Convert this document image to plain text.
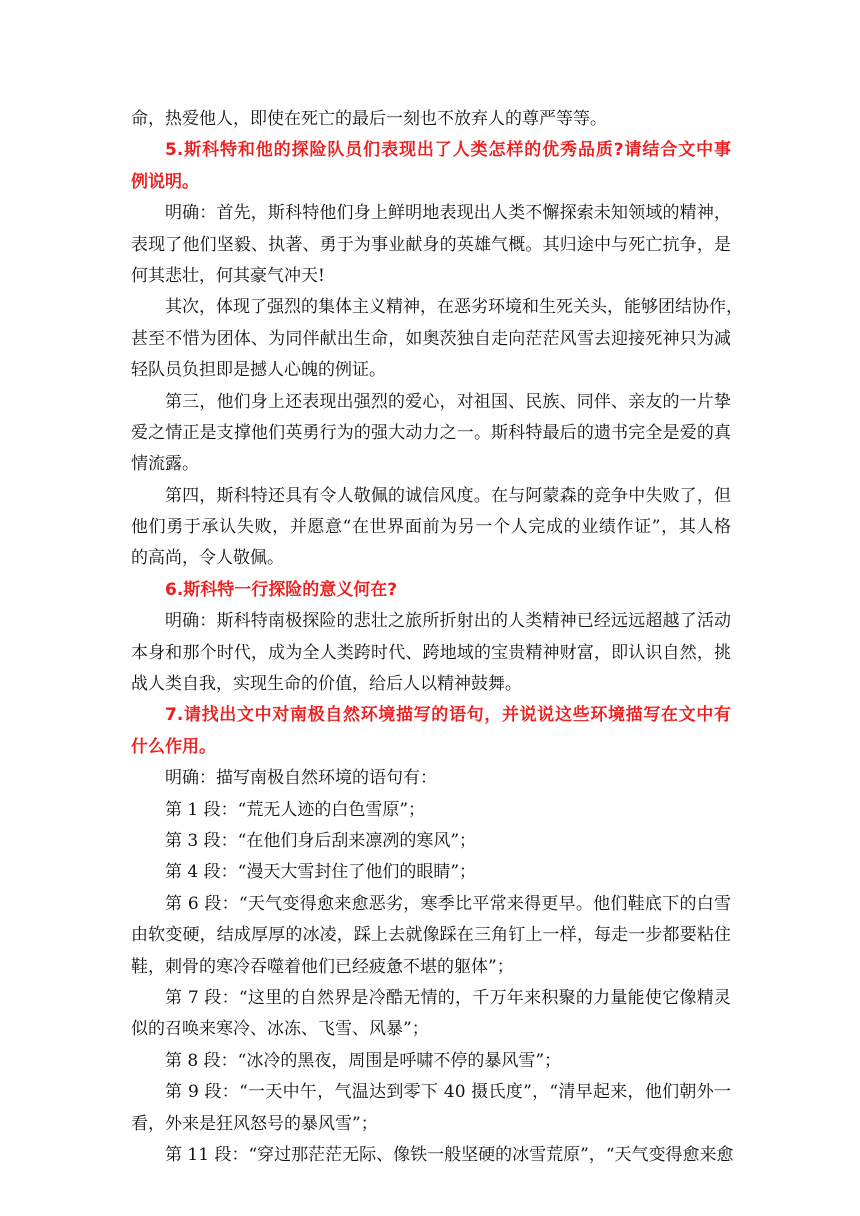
命，热爱他人，即使在死亡的最后一刻也不放弃人的尊严等等。
5.斯科特和他的探险队员们表现出了人类怎样的优秀品质?请结合文中事
例说明。
明确：首先，斯科特他们身上鲜明地表现出人类不懈探索未知领域的精神，
表现了他们坚毅、执著、勇于为事业献身的英雄气概。其归途中与死亡抗争，是
何其悲壮，何其豪气冲天!
其次，体现了强烈的集体主义精神，在恶劣环境和生死关头，能够团结协作，
甚至不惜为团体、为同伴献出生命，如奥茨独自走向茫茫风雪去迎接死神只为减
轻队员负担即是撼人心魄的例证。
第三，他们身上还表现出强烈的爱心，对祖国、民族、同伴、亲友的一片挚
爱之情正是支撑他们英勇行为的强大动力之一。斯科特最后的遗书完全是爱的真
情流露。
第四，斯科特还具有令人敬佩的诚信风度。在与阿蒙森的竞争中失败了，但
他们勇于承认失败，并愿意“在世界面前为另一个人完成的业绩作证”，其人格
的高尚，令人敬佩。
6.斯科特一行探险的意义何在?
明确：斯科特南极探险的悲壮之旅所折射出的人类精神已经远远超越了活动
本身和那个时代，成为全人类跨时代、跨地域的宝贵精神财富，即认识自然，挑
战人类自我，实现生命的价值，给后人以精神鼓舞。
7.请找出文中对南极自然环境描写的语句，并说说这些环境描写在文中有
什么作用。
明确：描写南极自然环境的语句有：
第 1 段：“荒无人迹的白色雪原”；
第 3 段：“在他们身后刮来凛冽的寒风”；
第 4 段：“漫天大雪封住了他们的眼睛”；
第 6 段：“天气变得愈来愈恶劣，寒季比平常来得更早。他们鞋底下的白雪
由软变硬，结成厚厚的冰凌，踩上去就像踩在三角钉上一样，每走一步都要粘住
鞋，刺骨的寒冷吞噬着他们已经疲惫不堪的躯体”；
第 7 段：“这里的自然界是冷酷无情的，千万年来积聚的力量能使它像精灵
似的召唤来寒冷、冰冻、飞雪、风暴”；
第 8 段：“冰冷的黑夜，周围是呼啸不停的暴风雪”；
第 9 段：“一天中午，气温达到零下 40 摄氏度”，“清早起来，他们朝外一
看，外来是狂风怒号的暴风雪”；
第 11 段：“穿过那茫茫无际、像铁一般坚硬的冰雪荒原”，“天气变得愈来愈
